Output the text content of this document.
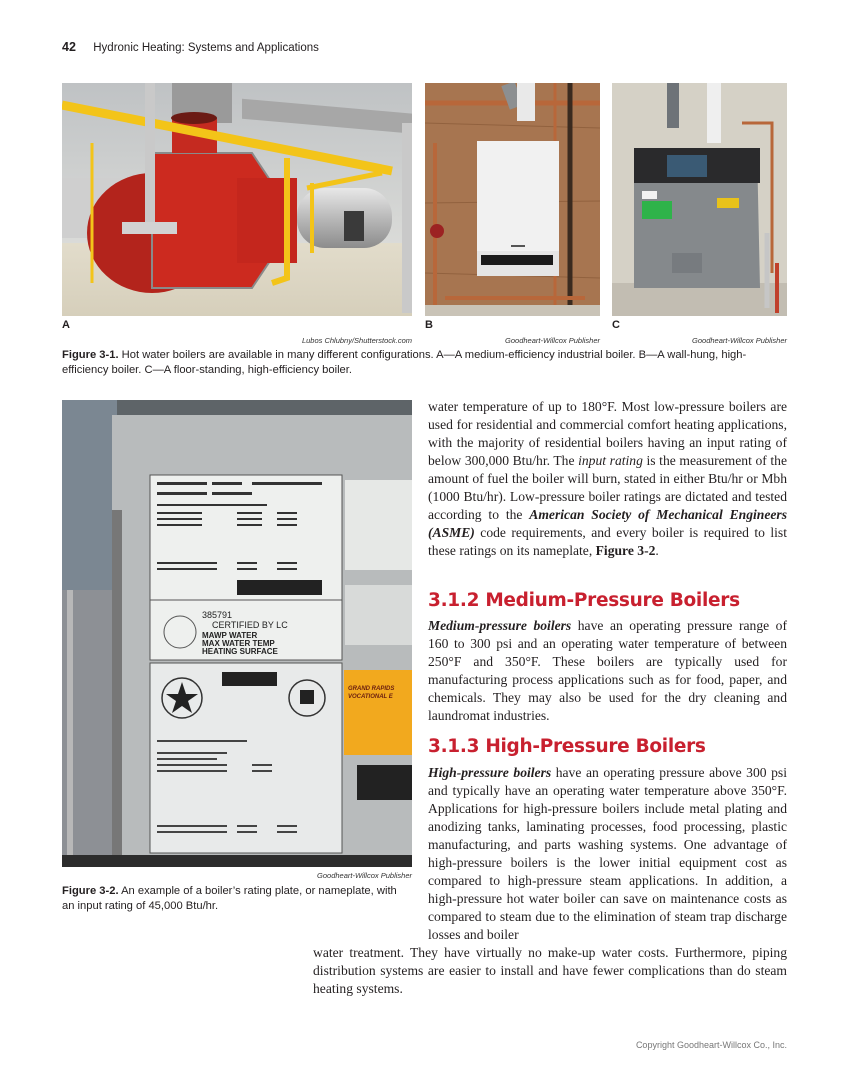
42 Hydronic Heating: Systems and Applications
A
Lubos Chlubny/Shutterstock.com
B
Goodheart-Willcox Publisher
C
Goodheart-Willcox Publisher
Figure 3-1. Hot water boilers are available in many different configurations. A—A medium-efficiency industrial boiler. B—A wall-hung, high-efficiency boiler. C—A floor-standing, high-efficiency boiler.
385791
CERTIFIED BY LC
MAWP WATER
MAX WATER TEMP
HEATING SURFACE
GRAND RAPIDS
VOCATIONAL E
Goodheart-Willcox Publisher
Figure 3-2. An example of a boiler’s rating plate, or nameplate, with an input rating of 45,000 Btu/hr.

water temperature of up to 180°F. Most low-pressure boilers are used for residential and commercial comfort heating applications, with the majority of residential boilers having an input rating of below 300,000 Btu/hr. The input rating is the measurement of the amount of fuel the boiler will burn, stated in either Btu/hr or Mbh (1000 Btu/hr). Low-pressure boiler ratings are dictated and tested according to the American Society of Mechanical Engineers (ASME) code requirements, and every boiler is required to list these ratings on its nameplate, Figure 3-2.

3.1.2 Medium-Pressure Boilers

Medium-pressure boilers have an operating pressure range of 160 to 300 psi and an operating water temperature of between 250°F and 350°F. These boilers are typically used for manufacturing process applications such as for food, paper, and chemicals. They may also be used for the dry cleaning and laundromat industries.

3.1.3 High-Pressure Boilers

High-pressure boilers have an operating pressure above 300 psi and typically have an operating water temperature above 350°F. Applications for high-pressure boilers include metal plating and anodizing tanks, laminating processes, food processing, plastic manufacturing, and parts washing systems. One advantage of high-pressure boilers is the lower initial equipment cost as compared to high-pressure steam applications. In addition, a high-pressure hot water boiler can save on maintenance costs as compared to steam due to the elimination of steam trap discharge losses and boiler

water treatment. They have virtually no make-up water costs. Furthermore, piping distribution systems are easier to install and have fewer complications than do steam heating systems.

Copyright Goodheart-Willcox Co., Inc.
